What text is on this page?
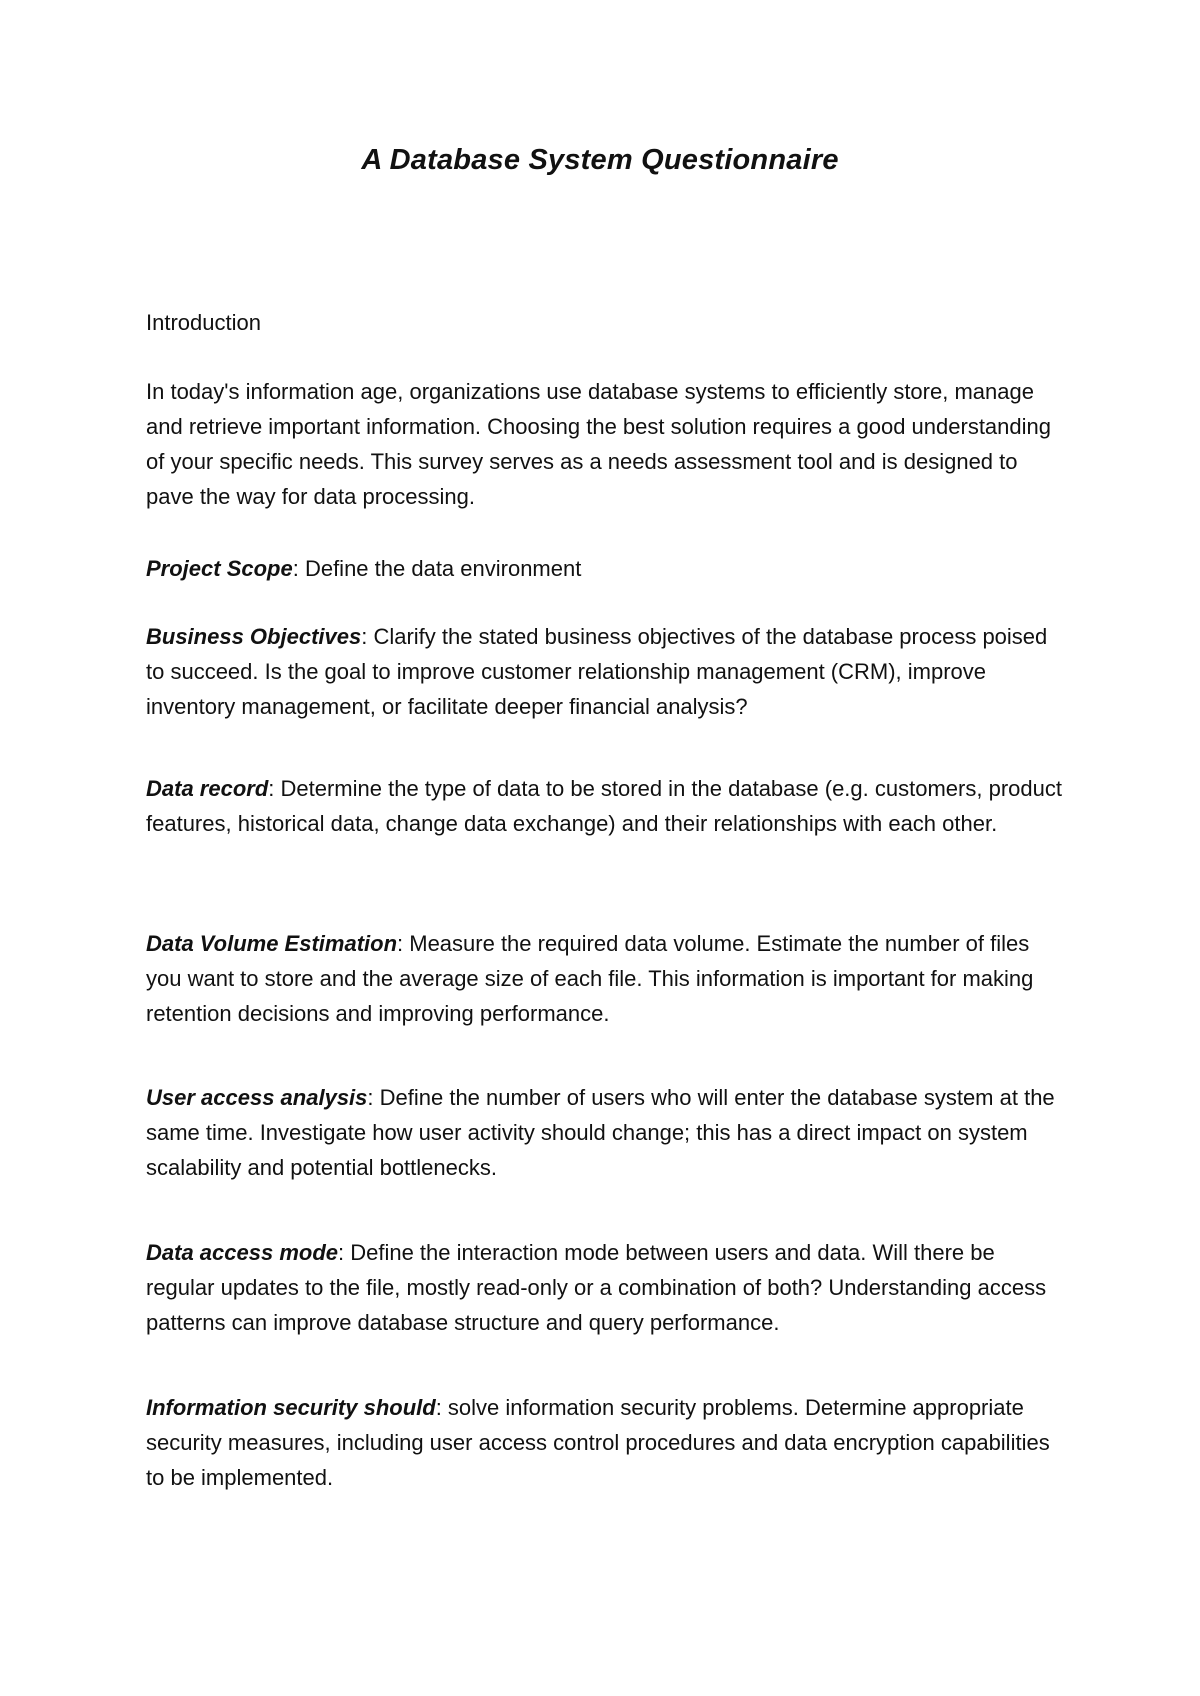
A Database System Questionnaire

Introduction

In today's information age, organizations use database systems to efficiently store, manage and retrieve important information. Choosing the best solution requires a good understanding of your specific needs. This survey serves as a needs assessment tool and is designed to pave the way for data processing.

Project Scope: Define the data environment

Business Objectives: Clarify the stated business objectives of the database process poised to succeed. Is the goal to improve customer relationship management (CRM), improve inventory management, or facilitate deeper financial analysis?

Data record: Determine the type of data to be stored in the database (e.g. customers, product features, historical data, change data exchange) and their relationships with each other.

Data Volume Estimation: Measure the required data volume. Estimate the number of files you want to store and the average size of each file. This information is important for making retention decisions and improving performance.

User access analysis: Define the number of users who will enter the database system at the same time. Investigate how user activity should change; this has a direct impact on system scalability and potential bottlenecks.

Data access mode: Define the interaction mode between users and data. Will there be regular updates to the file, mostly read-only or a combination of both? Understanding access patterns can improve database structure and query performance.

Information security should: solve information security problems. Determine appropriate security measures, including user access control procedures and data encryption capabilities to be implemented.
